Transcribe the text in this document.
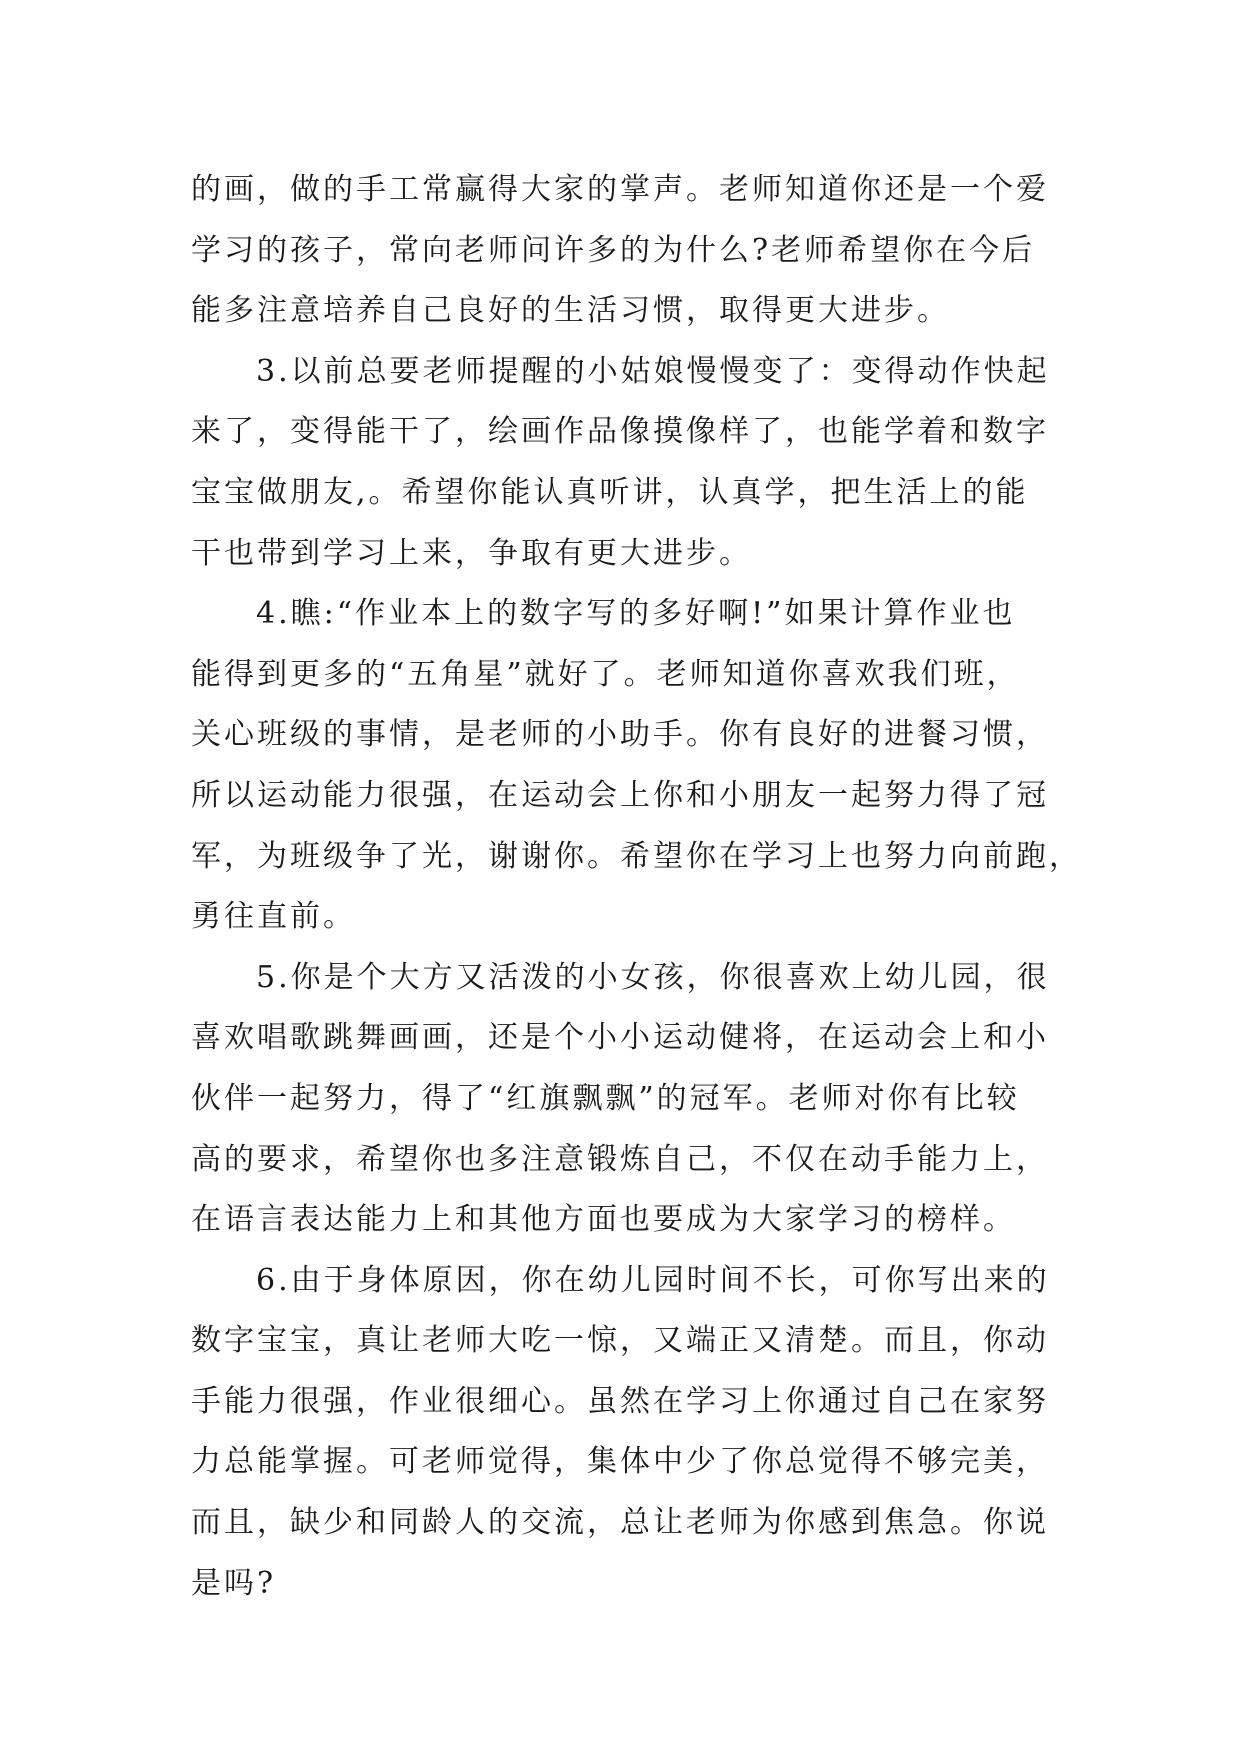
的画，做的手工常赢得大家的掌声。老师知道你还是一个爱
学习的孩子，常向老师问许多的为什么?老师希望你在今后
能多注意培养自己良好的生活习惯，取得更大进步。

3.以前总要老师提醒的小姑娘慢慢变了：变得动作快起
来了，变得能干了，绘画作品像摸像样了，也能学着和数字
宝宝做朋友,。希望你能认真听讲，认真学，把生活上的能
干也带到学习上来，争取有更大进步。

4.瞧:“作业本上的数字写的多好啊!”如果计算作业也
能得到更多的“五角星”就好了。老师知道你喜欢我们班，
关心班级的事情，是老师的小助手。你有良好的进餐习惯，
所以运动能力很强，在运动会上你和小朋友一起努力得了冠
军，为班级争了光，谢谢你。希望你在学习上也努力向前跑，
勇往直前。

5.你是个大方又活泼的小女孩，你很喜欢上幼儿园，很
喜欢唱歌跳舞画画，还是个小小运动健将，在运动会上和小
伙伴一起努力，得了“红旗飘飘”的冠军。老师对你有比较
高的要求，希望你也多注意锻炼自己，不仅在动手能力上，
在语言表达能力上和其他方面也要成为大家学习的榜样。

6.由于身体原因，你在幼儿园时间不长，可你写出来的
数字宝宝，真让老师大吃一惊，又端正又清楚。而且，你动
手能力很强，作业很细心。虽然在学习上你通过自己在家努
力总能掌握。可老师觉得，集体中少了你总觉得不够完美，
而且，缺少和同龄人的交流，总让老师为你感到焦急。你说
是吗?
